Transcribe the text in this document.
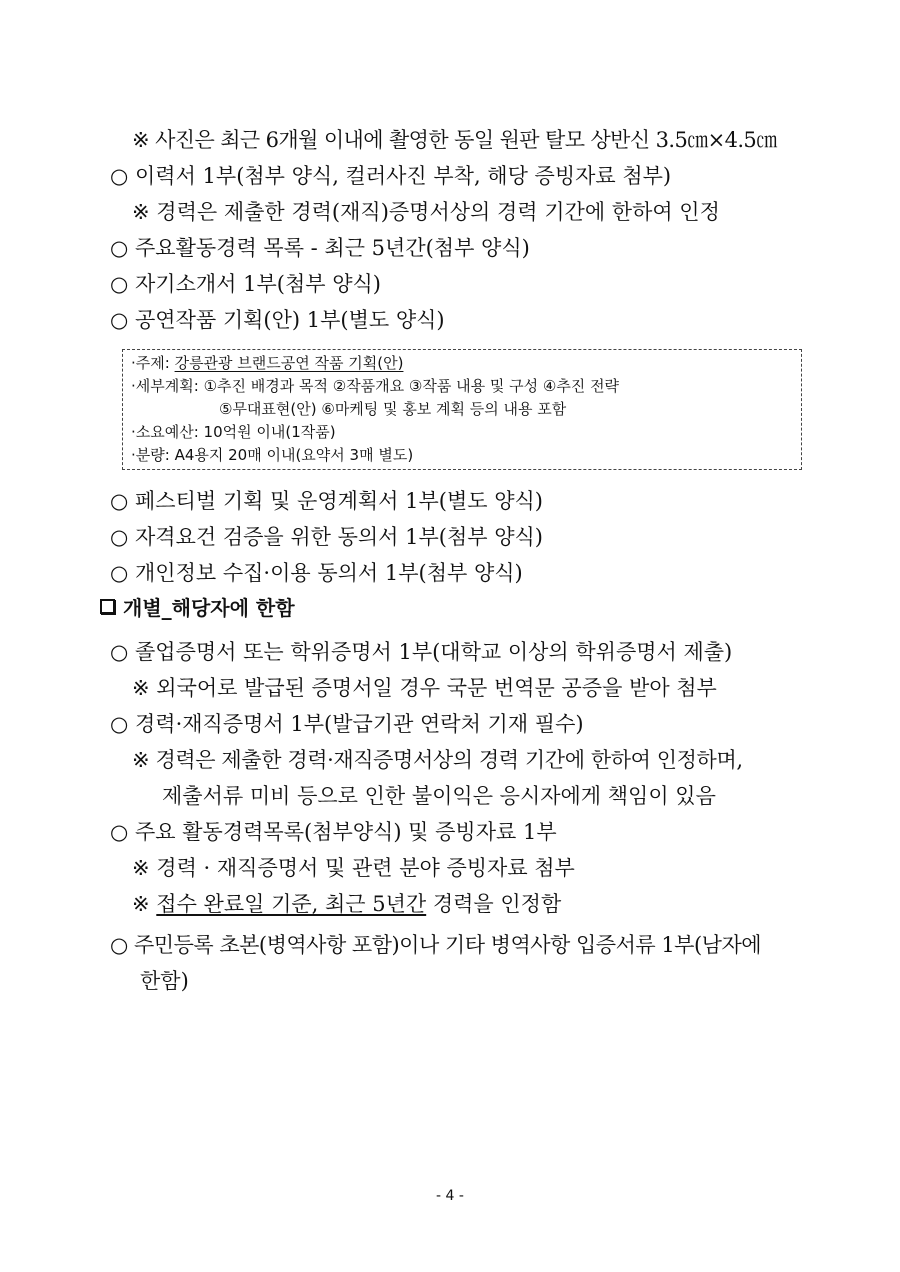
※ 사진은 최근 6개월 이내에 촬영한 동일 원판 탈모 상반신 3.5㎝×4.5㎝
○ 이력서 1부(첨부 양식, 컬러사진 부착, 해당 증빙자료 첨부)
※ 경력은 제출한 경력(재직)증명서상의 경력 기간에 한하여 인정
○ 주요활동경력 목록 - 최근 5년간(첨부 양식)
○ 자기소개서 1부(첨부 양식)
○ 공연작품 기획(안) 1부(별도 양식)
·주제: 강릉관광 브랜드공연 작품 기획(안)
·세부계획: ①추진 배경과 목적 ②작품개요 ③작품 내용 및 구성 ④추진 전략
⑤무대표현(안) ⑥마케팅 및 홍보 계획 등의 내용 포함
·소요예산: 10억원 이내(1작품)
·분량: A4용지 20매 이내(요약서 3매 별도)
○ 페스티벌 기획 및 운영계획서 1부(별도 양식)
○ 자격요건 검증을 위한 동의서 1부(첨부 양식)
○ 개인정보 수집·이용 동의서 1부(첨부 양식)
개별_해당자에 한함
○ 졸업증명서 또는 학위증명서 1부(대학교 이상의 학위증명서 제출)
※ 외국어로 발급된 증명서일 경우 국문 번역문 공증을 받아 첨부
○ 경력·재직증명서 1부(발급기관 연락처 기재 필수)
※ 경력은 제출한 경력·재직증명서상의 경력 기간에 한하여 인정하며,
제출서류 미비 등으로 인한 불이익은 응시자에게 책임이 있음
○ 주요 활동경력목록(첨부양식) 및 증빙자료 1부
※ 경력 · 재직증명서 및 관련 분야 증빙자료 첨부
※ 접수 완료일 기준, 최근 5년간 경력을 인정함
○ 주민등록 초본(병역사항 포함)이나 기타 병역사항 입증서류 1부(남자에
한함)
- 4 -
